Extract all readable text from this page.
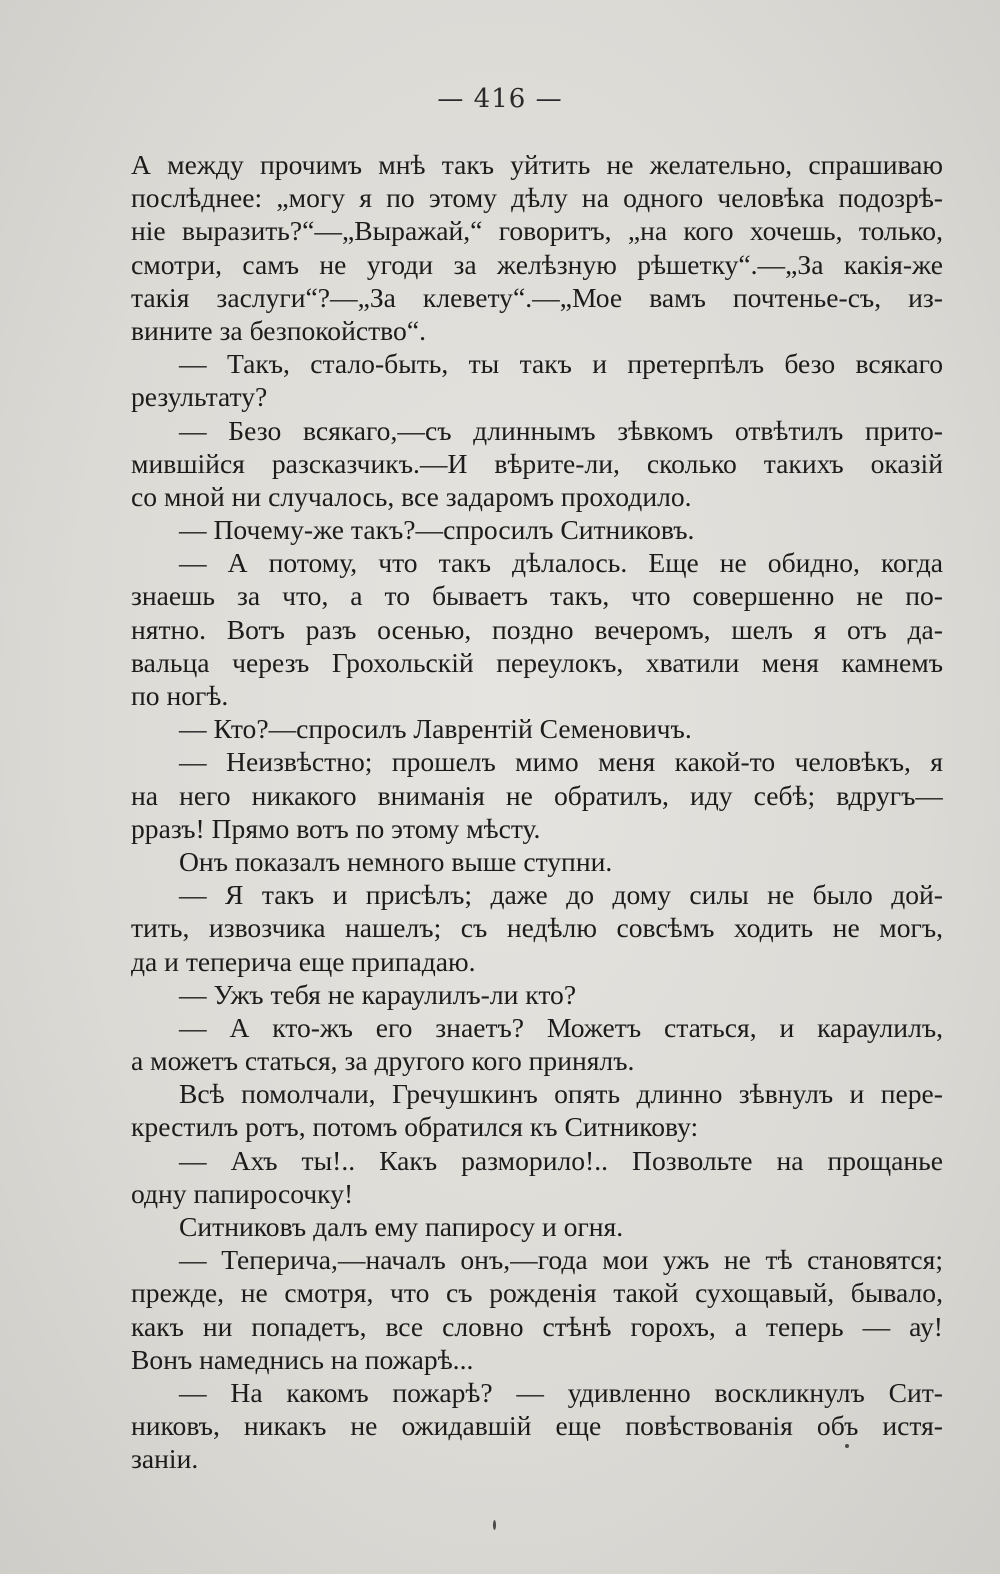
— 416 —
А между прочимъ мнѣ такъ уйтить не желательно, спрашиваю
послѣднее: „могу я по этому дѣлу на одного человѣка подозрѣ-
ніе выразить?“—„Выражай,“ говоритъ, „на кого хочешь, только,
смотри, самъ не угоди за желѣзную рѣшетку“.—„За какія-же
такія заслуги“?—„За клевету“.—„Мое вамъ почтенье-съ, из-
вините за безпокойство“.
— Такъ, стало-быть, ты такъ и претерпѣлъ безо всякаго
результату?
— Безо всякаго,—съ длиннымъ зѣвкомъ отвѣтилъ прито-
мившійся разсказчикъ.—И вѣрите-ли, сколько такихъ оказій
со мной ни случалось, все задаромъ проходило.
— Почему-же такъ?—спросилъ Ситниковъ.
— А потому, что такъ дѣлалось. Еще не обидно, когда
знаешь за что, а то бываетъ такъ, что совершенно не по-
нятно. Вотъ разъ осенью, поздно вечеромъ, шелъ я отъ да-
вальца черезъ Грохольскій переулокъ, хватили меня камнемъ
по ногѣ.
— Кто?—спросилъ Лаврентій Семеновичъ.
— Неизвѣстно; прошелъ мимо меня какой-то человѣкъ, я
на него никакого вниманія не обратилъ, иду себѣ; вдругъ—
рразъ! Прямо вотъ по этому мѣсту.
Онъ показалъ немного выше ступни.
— Я такъ и присѣлъ; даже до дому силы не было дой-
тить, извозчика нашелъ; съ недѣлю совсѣмъ ходить не могъ,
да и теперича еще припадаю.
— Ужъ тебя не караулилъ-ли кто?
— А кто-жъ его знаетъ? Можетъ статься, и караулилъ,
а можетъ статься, за другого кого принялъ.
Всѣ помолчали, Гречушкинъ опять длинно зѣвнулъ и пере-
крестилъ ротъ, потомъ обратился къ Ситникову:
— Ахъ ты!.. Какъ разморило!.. Позвольте на прощанье
одну папиросочку!
Ситниковъ далъ ему папиросу и огня.
— Теперича,—началъ онъ,—года мои ужъ не тѣ становятся;
прежде, не смотря, что съ рожденія такой сухощавый, бывало,
какъ ни попадетъ, все словно стѣнѣ горохъ, а теперь — ау!
Вонъ намеднись на пожарѣ...
— На какомъ пожарѣ? — удивленно воскликнулъ Сит-
никовъ, никакъ не ожидавшій еще повѣствованія объ истя-
заніи.
